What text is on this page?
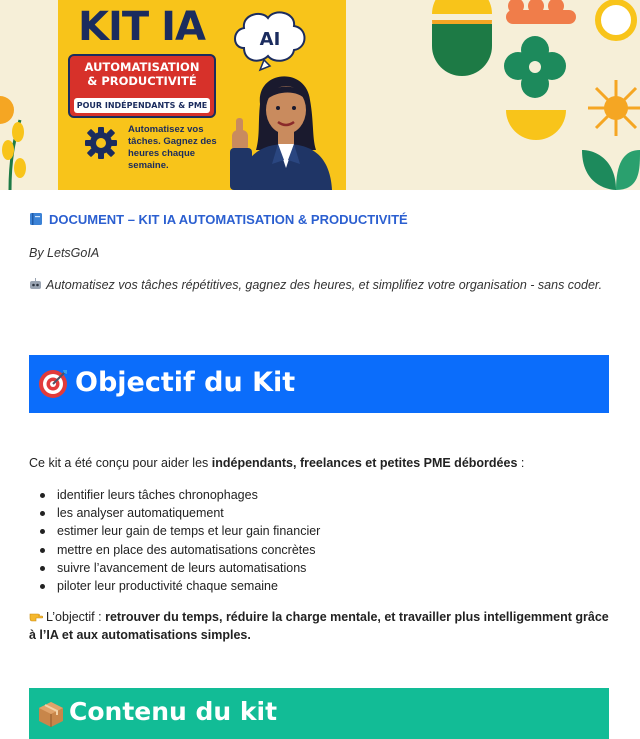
KIT IA
AUTOMATISATION
& PRODUCTIVITÉ
POUR INDÉPENDANTS & PME
Automatisez vos tâches. Gagnez des heures chaque semaine.
AI
DOCUMENT – KIT IA AUTOMATISATION & PRODUCTIVITÉ
By LetsGoIA
Automatisez vos tâches répétitives, gagnez des heures, et simplifiez votre organisation - sans coder.
Objectif du Kit
Ce kit a été conçu pour aider les indépendants, freelances et petites PME débordées :
identifier leurs tâches chronophages
les analyser automatiquement
estimer leur gain de temps et leur gain financier
mettre en place des automatisations concrètes
suivre l’avancement de leurs automatisations
piloter leur productivité chaque semaine
L’objectif : retrouver du temps, réduire la charge mentale, et travailler plus intelligemment grâce à l’IA et aux automatisations simples.
Contenu du kit
